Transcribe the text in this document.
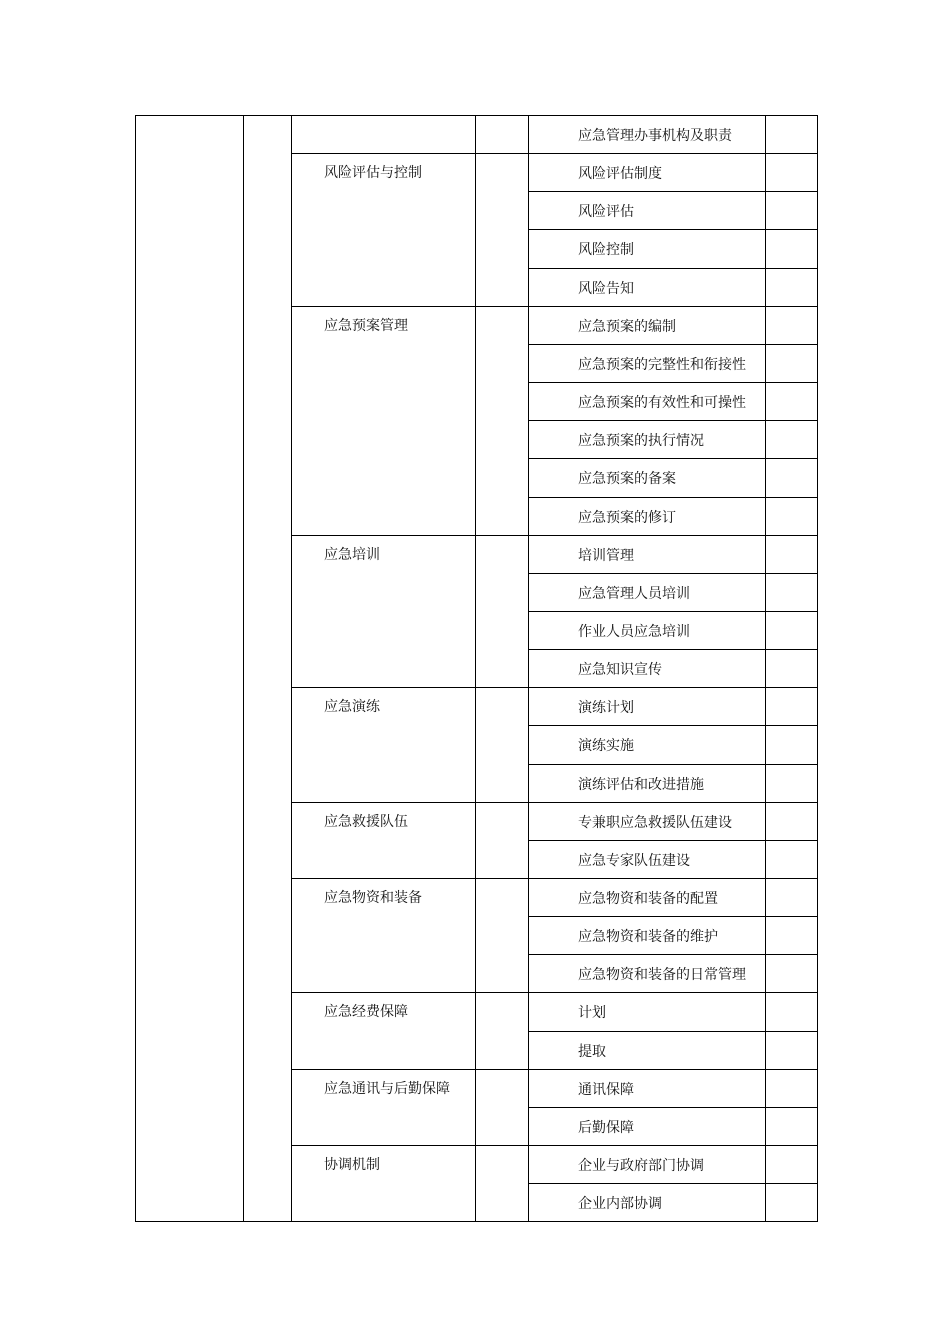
应急管理办事机构及职责
风险评估与控制	风险评估制度
风险评估
风险控制
风险告知
应急预案管理	应急预案的编制
应急预案的完整性和衔接性
应急预案的有效性和可操性
应急预案的执行情况
应急预案的备案
应急预案的修订
应急培训	培训管理
应急管理人员培训
作业人员应急培训
应急知识宣传
应急演练	演练计划
演练实施
演练评估和改进措施
应急救援队伍	专兼职应急救援队伍建设
应急专家队伍建设
应急物资和装备	应急物资和装备的配置
应急物资和装备的维护
应急物资和装备的日常管理
应急经费保障	计划
提取
应急通讯与后勤保障	通讯保障
后勤保障
协调机制	企业与政府部门协调
企业内部协调
